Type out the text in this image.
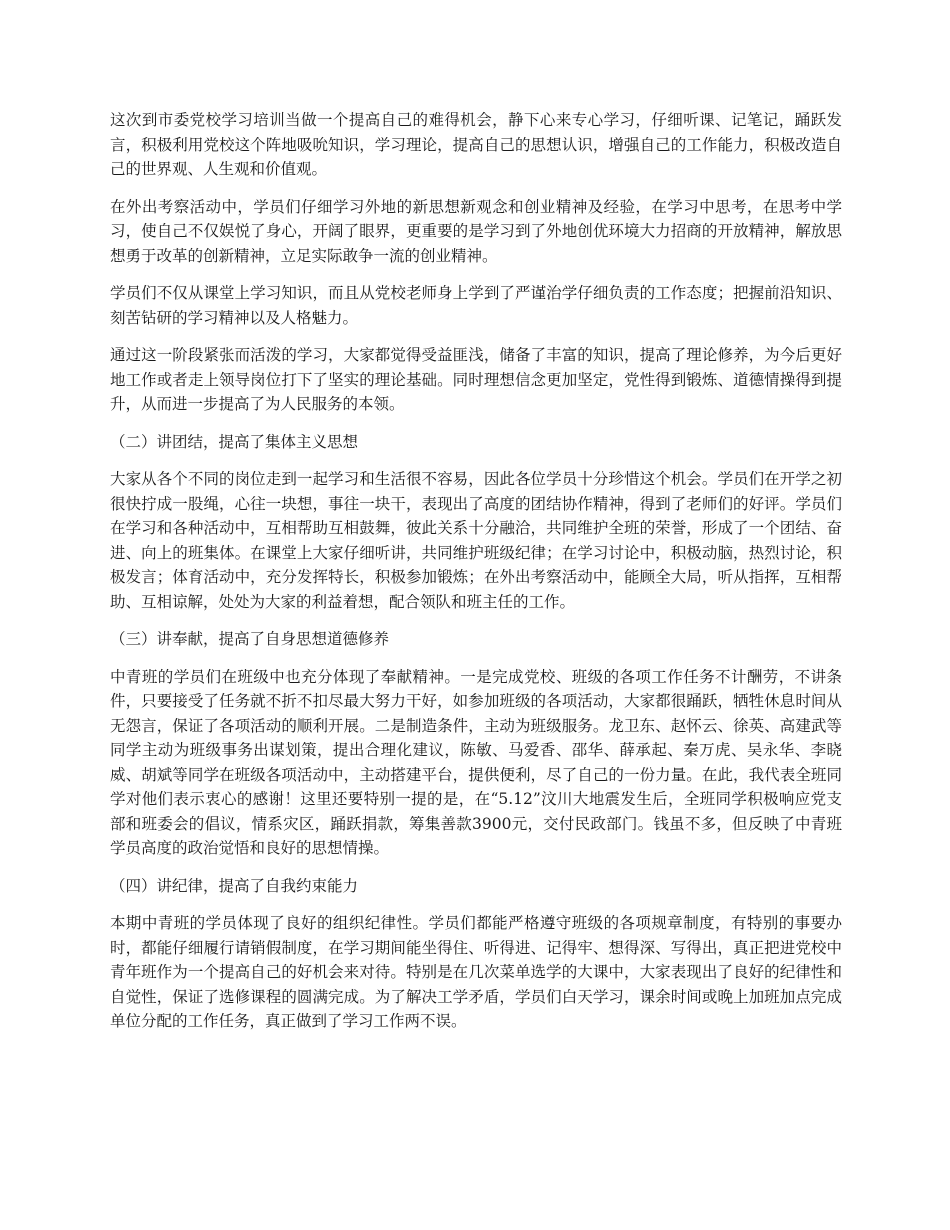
这次到市委党校学习培训当做一个提高自己的难得机会，静下心来专心学习，仔细听课、记笔记，踊跃发言，积极利用党校这个阵地吸吮知识，学习理论，提高自己的思想认识，增强自己的工作能力，积极改造自己的世界观、人生观和价值观。

在外出考察活动中，学员们仔细学习外地的新思想新观念和创业精神及经验，在学习中思考，在思考中学习，使自己不仅娱悦了身心，开阔了眼界，更重要的是学习到了外地创优环境大力招商的开放精神，解放思想勇于改革的创新精神，立足实际敢争一流的创业精神。

学员们不仅从课堂上学习知识，而且从党校老师身上学到了严谨治学仔细负责的工作态度；把握前沿知识、刻苦钻研的学习精神以及人格魅力。

通过这一阶段紧张而活泼的学习，大家都觉得受益匪浅，储备了丰富的知识，提高了理论修养，为今后更好地工作或者走上领导岗位打下了坚实的理论基础。同时理想信念更加坚定，党性得到锻炼、道德情操得到提升，从而进一步提高了为人民服务的本领。

（二）讲团结，提高了集体主义思想

大家从各个不同的岗位走到一起学习和生活很不容易，因此各位学员十分珍惜这个机会。学员们在开学之初很快拧成一股绳，心往一块想，事往一块干，表现出了高度的团结协作精神，得到了老师们的好评。学员们在学习和各种活动中，互相帮助互相鼓舞，彼此关系十分融洽，共同维护全班的荣誉，形成了一个团结、奋进、向上的班集体。在课堂上大家仔细听讲，共同维护班级纪律；在学习讨论中，积极动脑，热烈讨论，积极发言；体育活动中，充分发挥特长，积极参加锻炼；在外出考察活动中，能顾全大局，听从指挥，互相帮助、互相谅解，处处为大家的利益着想，配合领队和班主任的工作。

（三）讲奉献，提高了自身思想道德修养

中青班的学员们在班级中也充分体现了奉献精神。一是完成党校、班级的各项工作任务不计酬劳，不讲条件，只要接受了任务就不折不扣尽最大努力干好，如参加班级的各项活动，大家都很踊跃，牺牲休息时间从无怨言，保证了各项活动的顺利开展。二是制造条件，主动为班级服务。龙卫东、赵怀云、徐英、高建武等同学主动为班级事务出谋划策，提出合理化建议，陈敏、马爱香、邵华、薛承起、秦万虎、吴永华、李晓威、胡斌等同学在班级各项活动中，主动搭建平台，提供便利，尽了自己的一份力量。在此，我代表全班同学对他们表示衷心的感谢！这里还要特别一提的是，在“5.12”汶川大地震发生后，全班同学积极响应党支部和班委会的倡议，情系灾区，踊跃捐款，筹集善款3900元，交付民政部门。钱虽不多，但反映了中青班学员高度的政治觉悟和良好的思想情操。

（四）讲纪律，提高了自我约束能力

本期中青班的学员体现了良好的组织纪律性。学员们都能严格遵守班级的各项规章制度，有特别的事要办时，都能仔细履行请销假制度，在学习期间能坐得住、听得进、记得牢、想得深、写得出，真正把进党校中青年班作为一个提高自己的好机会来对待。特别是在几次菜单选学的大课中，大家表现出了良好的纪律性和自觉性，保证了选修课程的圆满完成。为了解决工学矛盾，学员们白天学习，课余时间或晚上加班加点完成单位分配的工作任务，真正做到了学习工作两不误。
